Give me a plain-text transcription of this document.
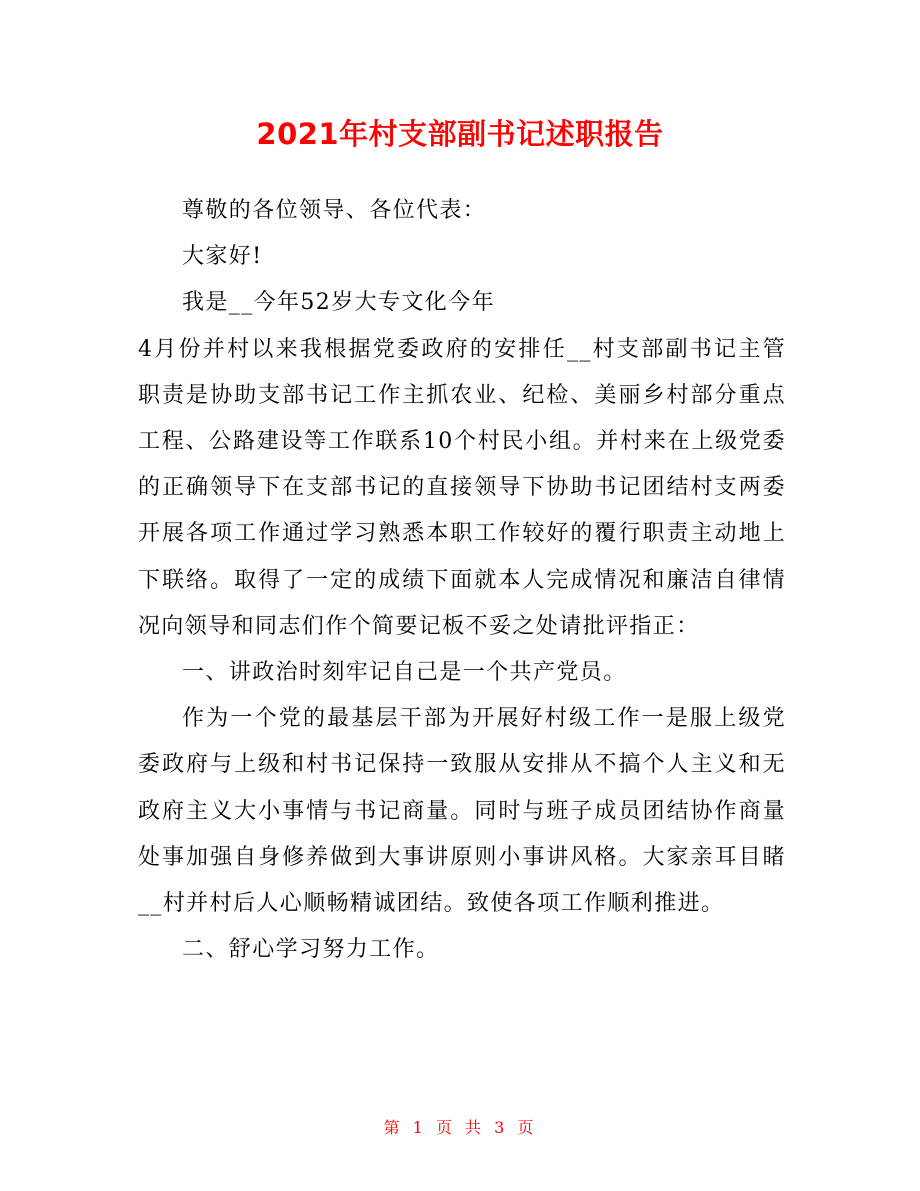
2021年村支部副书记述职报告

尊敬的各位领导、各位代表：

大家好!

我是__今年52岁大专文化今年

4月份并村以来我根据党委政府的安排任__村支部副书记主管职责是协助支部书记工作主抓农业、纪检、美丽乡村部分重点工程、公路建设等工作联系10个村民小组。并村来在上级党委的正确领导下在支部书记的直接领导下协助书记团结村支两委开展各项工作通过学习熟悉本职工作较好的覆行职责主动地上下联络。取得了一定的成绩下面就本人完成情况和廉洁自律情况向领导和同志们作个简要记板不妥之处请批评指正：

一、讲政治时刻牢记自己是一个共产党员。

作为一个党的最基层干部为开展好村级工作一是服上级党委政府与上级和村书记保持一致服从安排从不搞个人主义和无政府主义大小事情与书记商量。同时与班子成员团结协作商量处事加强自身修养做到大事讲原则小事讲风格。大家亲耳目睹__村并村后人心顺畅精诚团结。致使各项工作顺利推进。

二、舒心学习努力工作。

第 1 页 共 3 页
